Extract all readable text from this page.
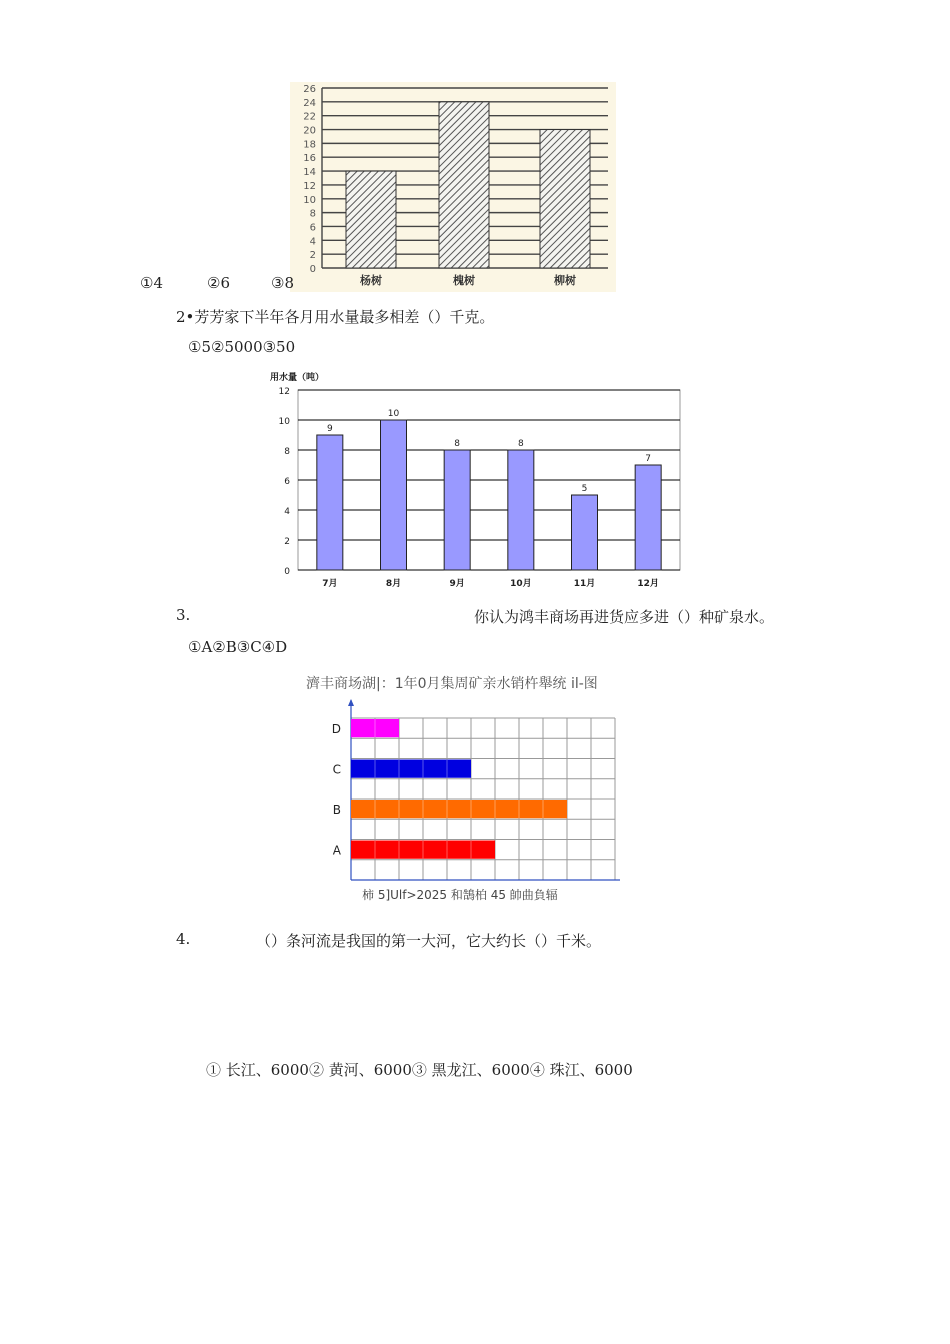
0
2
4
6
8
10
12
14
16
18
20
22
24
26
杨树	槐树	柳树
①4	②6	③8
2•芳芳家下半年各月用水量最多相差（）千克。
①5②5000③50
用水量（吨）
0
2
4
6
8
10
12
9
7月
10
8月
8
9月
8
10月
5
11月
7
12月
3.	你认为鸿丰商场再进货应多进（）种矿泉水。
①A②B③C④D
濟丰商场湖|：1年0月集周矿亲水销杵舉统 il-图
A
B
C
D
柿 5]Ulf>2025 和鵠柏 45 帥曲負辐
4.	（）条河流是我国的第一大河，它大约长（）千米。
① 长江、6000② 黄河、6000③ 黑龙江、6000④ 珠江、6000
